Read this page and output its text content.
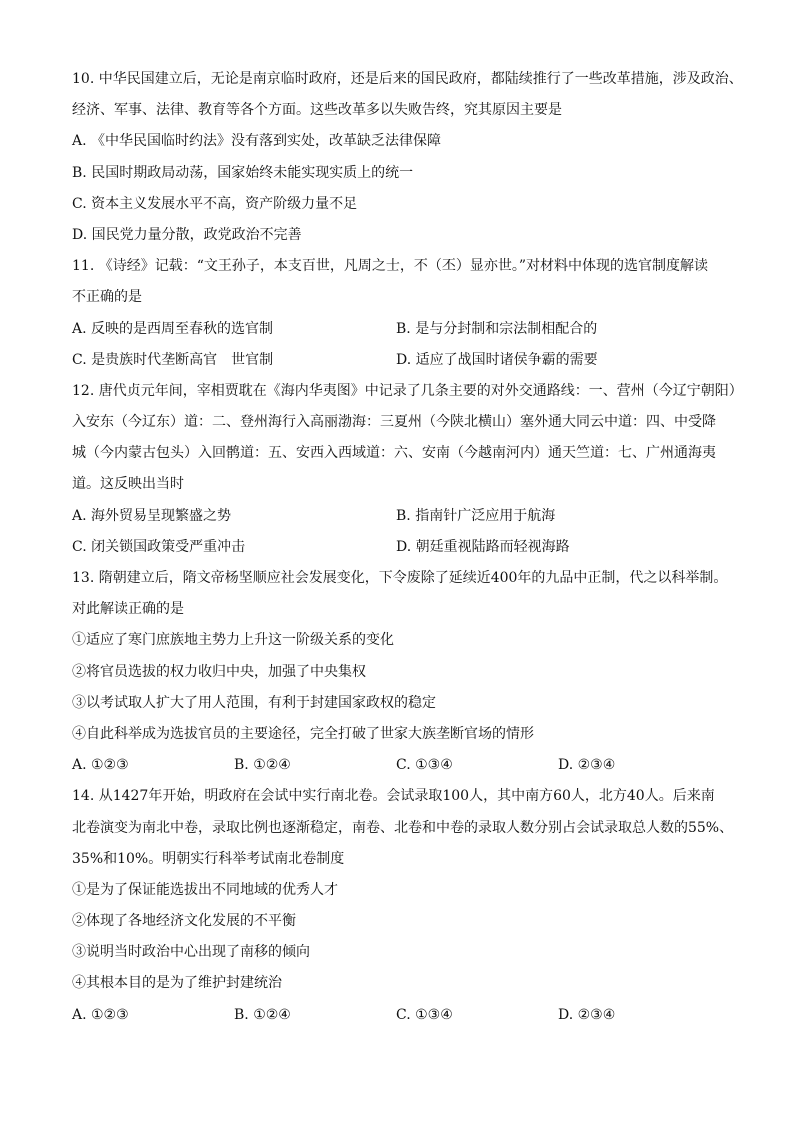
10. 中华民国建立后，无论是南京临时政府，还是后来的国民政府，都陆续推行了一些改革措施，涉及政治、
经济、军事、法律、教育等各个方面。这些改革多以失败告终，究其原因主要是
A. 《中华民国临时约法》没有落到实处，改革缺乏法律保障
B. 民国时期政局动荡，国家始终未能实现实质上的统一
C. 资本主义发展水平不高，资产阶级力量不足
D. 国民党力量分散，政党政治不完善
11. 《诗经》记载：“文王孙子，本支百世，凡周之士，不（丕）显亦世。”对材料中体现的选官制度解读
不正确的是
A. 反映的是西周至春秋的选官制	B. 是与分封制和宗法制相配合的
C. 是贵族时代垄断高官　世官制	D. 适应了战国时诸侯争霸的需要
12. 唐代贞元年间，宰相贾耽在《海内华夷图》中记录了几条主要的对外交通路线：一、营州（今辽宁朝阳）
入安东（今辽东）道：二、登州海行入高丽渤海：三夏州（今陕北横山）塞外通大同云中道：四、中受降
城（今内蒙古包头）入回鹘道：五、安西入西域道：六、安南（今越南河内）通天竺道：七、广州通海夷
道。这反映出当时
A. 海外贸易呈现繁盛之势	B. 指南针广泛应用于航海
C. 闭关锁国政策受严重冲击	D. 朝廷重视陆路而轻视海路
13. 隋朝建立后，隋文帝杨坚顺应社会发展变化，下令废除了延续近400年的九品中正制，代之以科举制。
对此解读正确的是
①适应了寒门庶族地主势力上升这一阶级关系的变化
②将官员选拔的权力收归中央，加强了中央集权
③以考试取人扩大了用人范围，有利于封建国家政权的稳定
④自此科举成为选拔官员的主要途径，完全打破了世家大族垄断官场的情形
A. ①②③	B. ①②④	C. ①③④	D. ②③④
14. 从1427年开始，明政府在会试中实行南北卷。会试录取100人，其中南方60人，北方40人。后来南
北卷演变为南北中卷，录取比例也逐渐稳定，南卷、北卷和中卷的录取人数分别占会试录取总人数的55%、
35%和10%。明朝实行科举考试南北卷制度
①是为了保证能选拔出不同地域的优秀人才
②体现了各地经济文化发展的不平衡
③说明当时政治中心出现了南移的倾向
④其根本目的是为了维护封建统治
A. ①②③	B. ①②④	C. ①③④	D. ②③④
